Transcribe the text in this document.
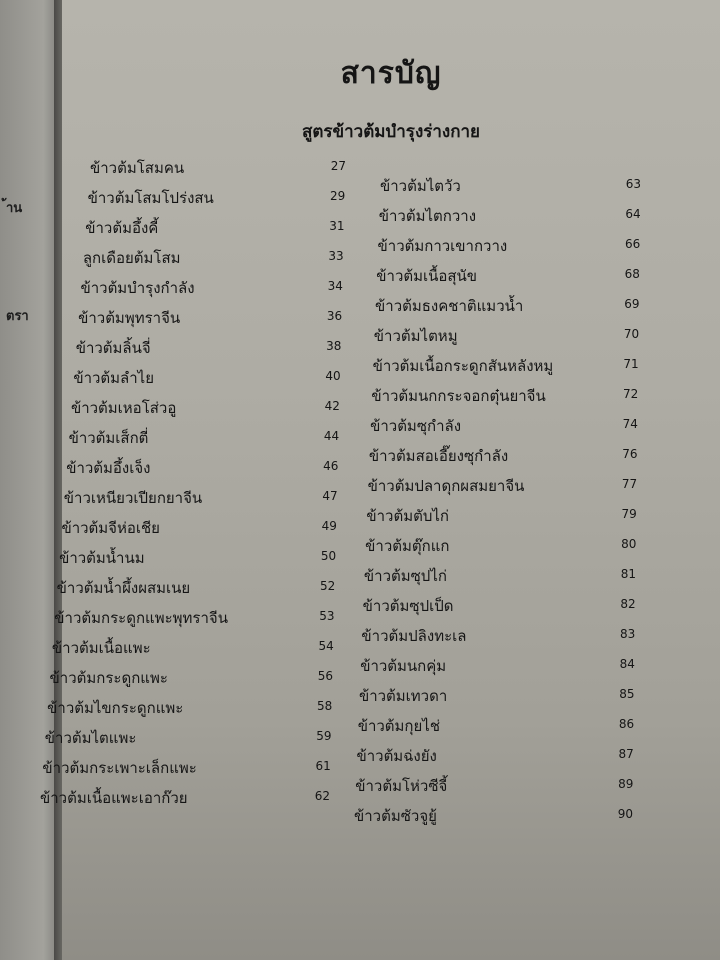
้าน
ตรา
สารบัญ
สูตรข้าวต้มบำรุงร่างกาย
ข้าวต้มโสมคน	27
ข้าวต้มโสมโปร่งสน	29
ข้าวต้มอึ้งคี้	31
ลูกเดือยต้มโสม	33
ข้าวต้มบำรุงกำลัง	34
ข้าวต้มพุทราจีน	36
ข้าวต้มลิ้นจี่	38
ข้าวต้มลำไย	40
ข้าวต้มเหอโส่วอู	42
ข้าวต้มเส็กตี่	44
ข้าวต้มอึ้งเจ็ง	46
ข้าวเหนียวเปียกยาจีน	47
ข้าวต้มจีห่อเชีย	49
ข้าวต้มน้ำนม	50
ข้าวต้มน้ำผึ้งผสมเนย	52
ข้าวต้มกระดูกแพะพุทราจีน	53
ข้าวต้มเนื้อแพะ	54
ข้าวต้มกระดูกแพะ	56
ข้าวต้มไขกระดูกแพะ	58
ข้าวต้มไตแพะ	59
ข้าวต้มกระเพาะเล็กแพะ	61
ข้าวต้มเนื้อแพะเอาก๊วย	62
ข้าวต้มไตวัว	63
ข้าวต้มไตกวาง	64
ข้าวต้มกาวเขากวาง	66
ข้าวต้มเนื้อสุนัข	68
ข้าวต้มธงคชาติแมวน้ำ	69
ข้าวต้มไตหมู	70
ข้าวต้มเนื้อกระดูกสันหลังหมู	71
ข้าวต้มนกกระจอกตุ๋นยาจีน	72
ข้าวต้มซุกำลัง	74
ข้าวต้มสอเอี๊ยงซุกำลัง	76
ข้าวต้มปลาดุกผสมยาจีน	77
ข้าวต้มตับไก่	79
ข้าวต้มตุ๊กแก	80
ข้าวต้มซุปไก่	81
ข้าวต้มซุปเป็ด	82
ข้าวต้มปลิงทะเล	83
ข้าวต้มนกคุ่ม	84
ข้าวต้มเทวดา	85
ข้าวต้มกุยไช่	86
ข้าวต้มฉ่งยัง	87
ข้าวต้มโห่วซีจี้	89
ข้าวต้มซัวจูยู้	90
